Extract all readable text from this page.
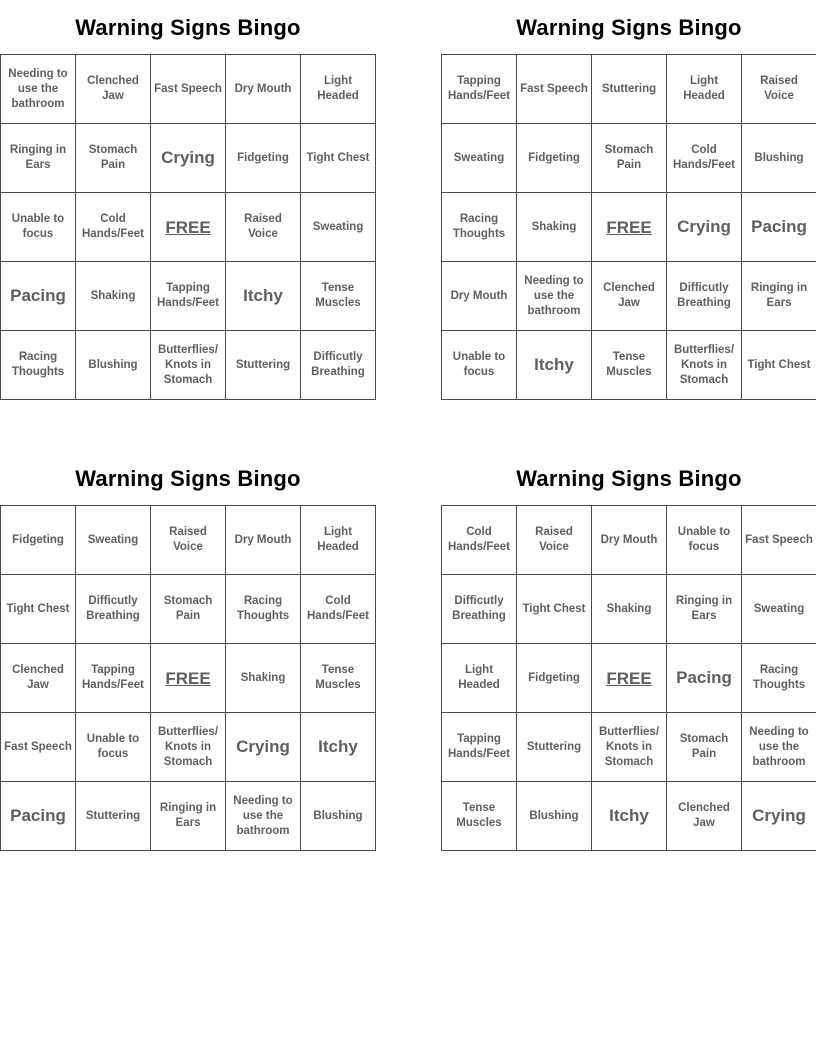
Warning Signs Bingo
Needing to use the bathroom	Clenched Jaw	Fast Speech	Dry Mouth	Light Headed
Ringing in Ears	Stomach Pain	Crying	Fidgeting	Tight Chest
Unable to focus	Cold Hands/Feet	FREE	Raised Voice	Sweating
Pacing	Shaking	Tapping Hands/Feet	Itchy	Tense Muscles
Racing Thoughts	Blushing	Butterflies/ Knots in Stomach	Stuttering	Difficutly Breathing
Warning Signs Bingo
Tapping Hands/Feet	Fast Speech	Stuttering	Light Headed	Raised Voice
Sweating	Fidgeting	Stomach Pain	Cold Hands/Feet	Blushing
Racing Thoughts	Shaking	FREE	Crying	Pacing
Dry Mouth	Needing to use the bathroom	Clenched Jaw	Difficutly Breathing	Ringing in Ears
Unable to focus	Itchy	Tense Muscles	Butterflies/ Knots in Stomach	Tight Chest
Warning Signs Bingo
Fidgeting	Sweating	Raised Voice	Dry Mouth	Light Headed
Tight Chest	Difficutly Breathing	Stomach Pain	Racing Thoughts	Cold Hands/Feet
Clenched Jaw	Tapping Hands/Feet	FREE	Shaking	Tense Muscles
Fast Speech	Unable to focus	Butterflies/ Knots in Stomach	Crying	Itchy
Pacing	Stuttering	Ringing in Ears	Needing to use the bathroom	Blushing
Warning Signs Bingo
Cold Hands/Feet	Raised Voice	Dry Mouth	Unable to focus	Fast Speech
Difficutly Breathing	Tight Chest	Shaking	Ringing in Ears	Sweating
Light Headed	Fidgeting	FREE	Pacing	Racing Thoughts
Tapping Hands/Feet	Stuttering	Butterflies/ Knots in Stomach	Stomach Pain	Needing to use the bathroom
Tense Muscles	Blushing	Itchy	Clenched Jaw	Crying
